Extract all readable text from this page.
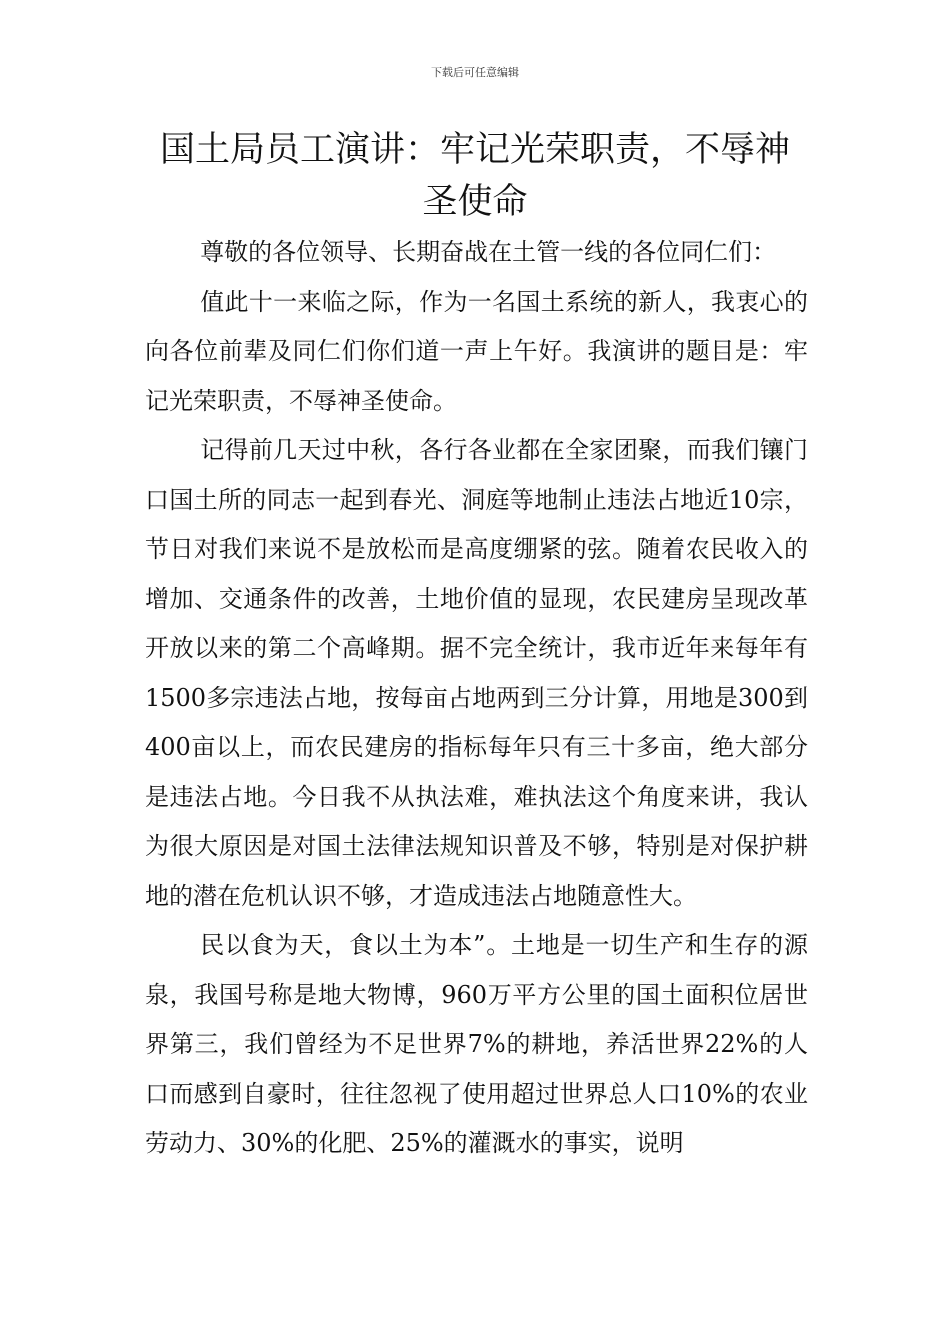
下载后可任意编辑
国土局员工演讲：牢记光荣职责，不辱神圣使命

尊敬的各位领导、长期奋战在土管一线的各位同仁们：

值此十一来临之际，作为一名国土系统的新人，我衷心的向各位前辈及同仁们你们道一声上午好。我演讲的题目是：牢记光荣职责，不辱神圣使命。

记得前几天过中秋，各行各业都在全家团聚，而我们镶门口国土所的同志一起到春光、洞庭等地制止违法占地近10宗，节日对我们来说不是放松而是高度绷紧的弦。随着农民收入的增加、交通条件的改善，土地价值的显现，农民建房呈现改革开放以来的第二个高峰期。据不完全统计，我市近年来每年有1500多宗违法占地，按每亩占地两到三分计算，用地是300到400亩以上，而农民建房的指标每年只有三十多亩，绝大部分是违法占地。今日我不从执法难，难执法这个角度来讲，我认为很大原因是对国土法律法规知识普及不够，特别是对保护耕地的潜在危机认识不够，才造成违法占地随意性大。

民以食为天，食以土为本”。土地是一切生产和生存的源泉，我国号称是地大物博，960万平方公里的国土面积位居世界第三，我们曾经为不足世界7%的耕地，养活世界22%的人口而感到自豪时，往往忽视了使用超过世界总人口10%的农业劳动力、30%的化肥、25%的灌溉水的事实，说明
